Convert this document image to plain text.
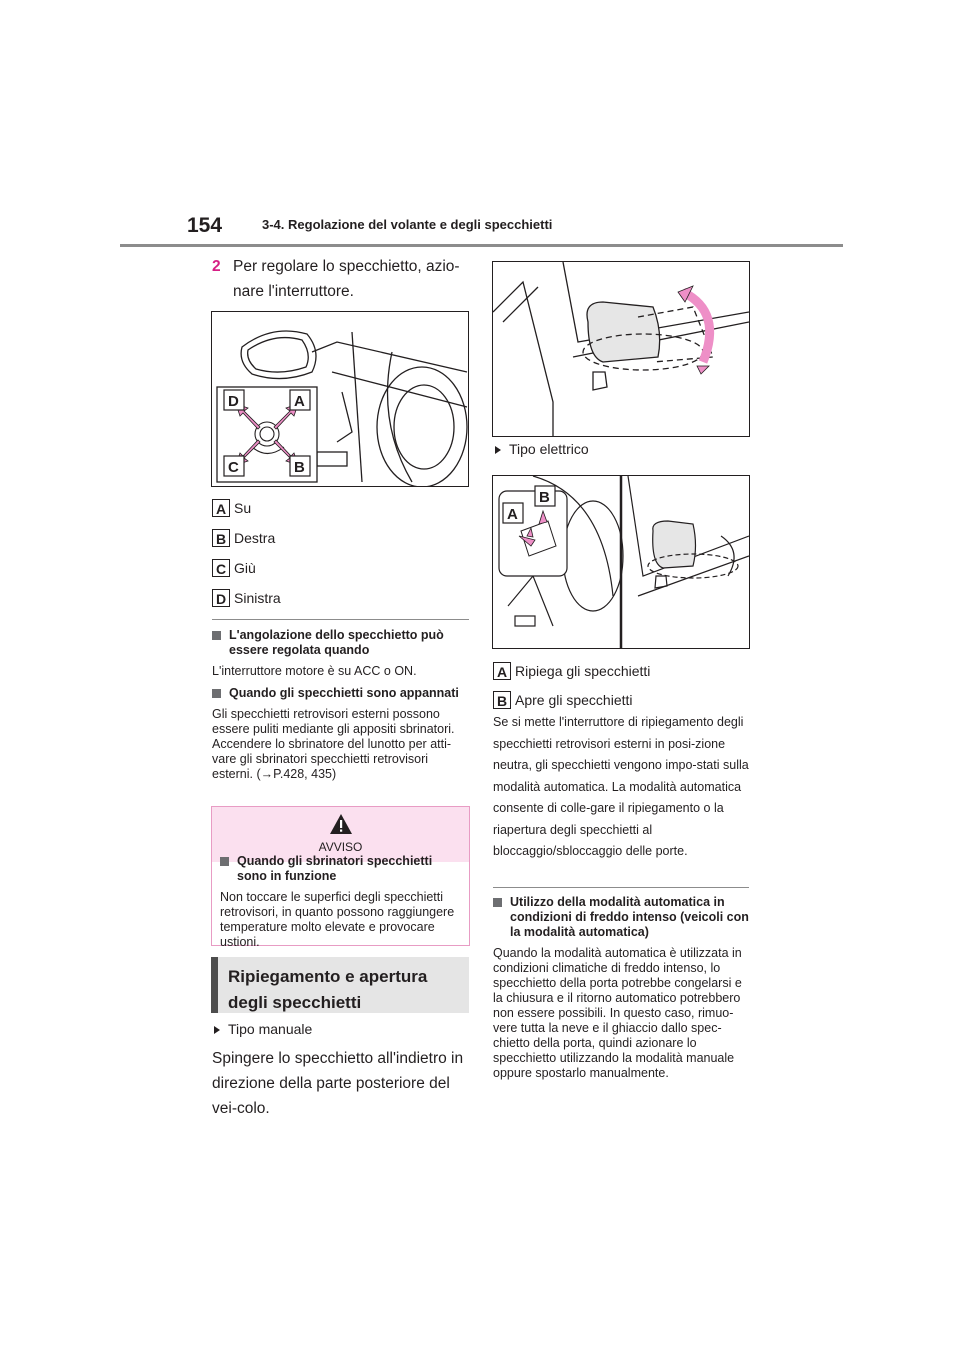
154	3-4. Regolazione del volante e degli specchietti
2 Per regolare lo specchietto, azio-nare l'interruttore.
D	A
C	B
A Su
B Destra
C Giù
D Sinistra
L'angolazione dello specchietto può essere regolata quando
L'interruttore motore è su ACC o ON.
Quando gli specchietti sono appannati
Gli specchietti retrovisori esterni possono essere puliti mediante gli appositi sbrinatori. Accendere lo sbrinatore del lunotto per atti-vare gli sbrinatori specchietti retrovisori esterni. (→P.428, 435)
AVVISO
Quando gli sbrinatori specchietti sono in funzione
Non toccare le superfici degli specchietti retrovisori, in quanto possono raggiungere temperature molto elevate e provocare ustioni.
Ripiegamento e apertura degli specchietti
Tipo manuale
Spingere lo specchietto all'indietro in direzione della parte posteriore del vei-colo.
Tipo elettrico
A
B
A Ripiega gli specchietti
B Apre gli specchietti
Se si mette l'interruttore di ripiegamento degli specchietti retrovisori esterni in posi-zione neutra, gli specchietti vengono impo-stati sulla modalità automatica. La modalità automatica consente di colle-gare il ripiegamento o la riapertura degli specchietti al bloccaggio/sbloccaggio delle porte.
Utilizzo della modalità automatica in condizioni di freddo intenso (veicoli con la modalità automatica)
Quando la modalità automatica è utilizzata in condizioni climatiche di freddo intenso, lo specchietto della porta potrebbe congelarsi e la chiusura e il ritorno automatico potrebbero non essere possibili. In questo caso, rimuo-vere tutta la neve e il ghiaccio dallo spec-chietto della porta, quindi azionare lo specchietto utilizzando la modalità manuale oppure spostarlo manualmente.
